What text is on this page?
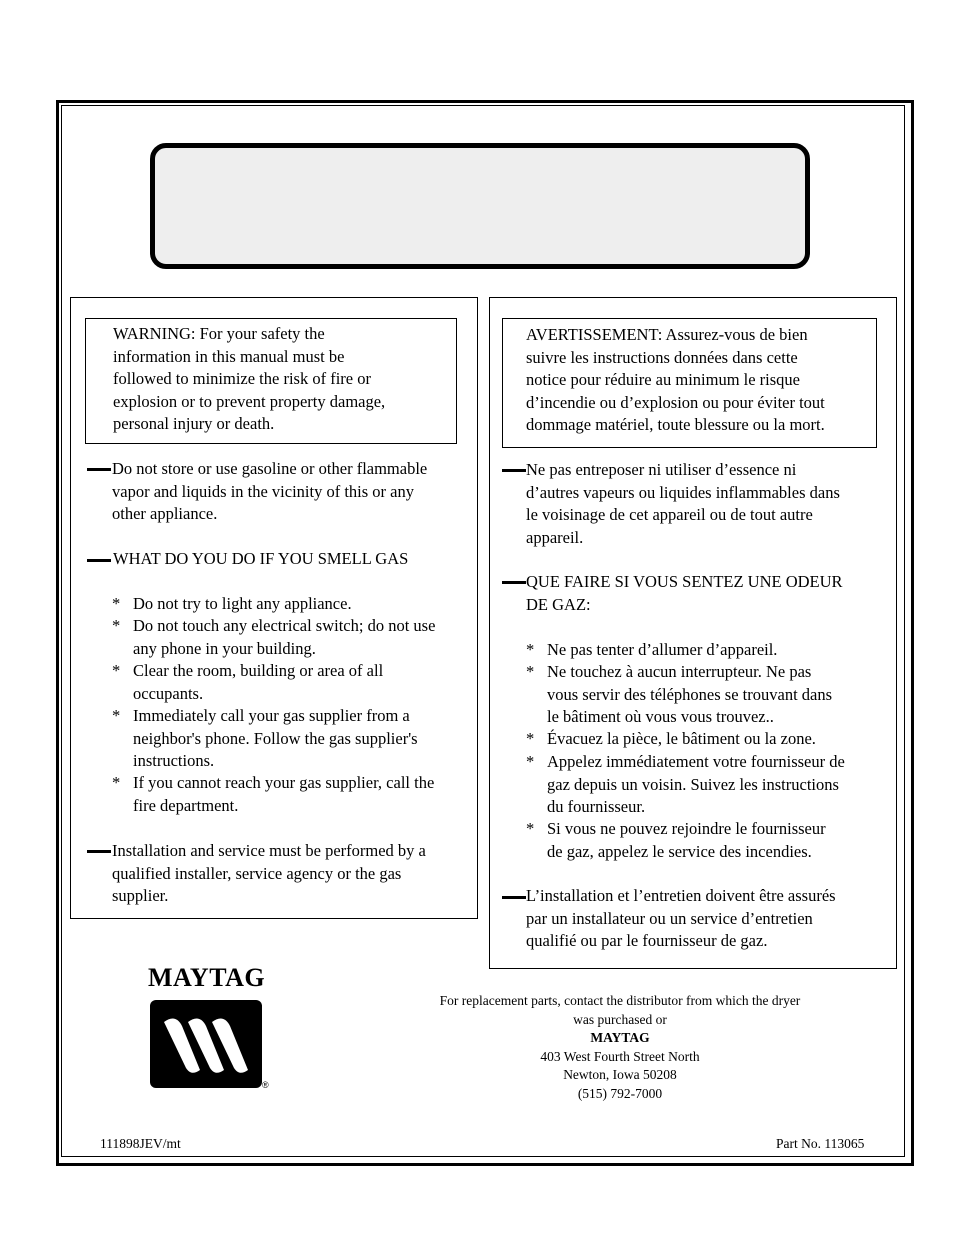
WARNING: For your safety the
information in this manual must be
followed to minimize the risk of fire or
explosion or to prevent property damage,
personal injury or death.
AVERTISSEMENT: Assurez-vous de bien
suivre les instructions données dans cette
notice pour réduire au minimum le risque
d’incendie ou d’explosion ou pour éviter tout
dommage matériel, toute blessure ou la mort.
Do not store or use gasoline or other flammable
vapor and liquids in the vicinity of this or any
other appliance.
WHAT DO YOU DO IF YOU SMELL GAS
* Do not try to light any appliance.
* Do not touch any electrical switch; do not use
any phone in your building.
* Clear the room, building or area of all
occupants.
* Immediately call your gas supplier from a
neighbor's phone. Follow the gas supplier's
instructions.
* If you cannot reach your gas supplier, call the
fire department.
Installation and service must be performed by a
qualified installer, service agency or the gas
supplier.
Ne pas entreposer ni utiliser d’essence ni
d’autres vapeurs ou liquides inflammables dans
le voisinage de cet appareil ou de tout autre
appareil.
QUE FAIRE SI VOUS SENTEZ UNE ODEUR
DE GAZ:
* Ne pas tenter d’allumer d’appareil.
* Ne touchez à aucun interrupteur. Ne pas
vous servir des téléphones se trouvant dans
le bâtiment où vous vous trouvez..
* Évacuez la pièce, le bâtiment ou la zone.
* Appelez immédiatement votre fournisseur de
gaz depuis un voisin. Suivez les instructions
du fournisseur.
* Si vous ne pouvez rejoindre le fournisseur
de gaz, appelez le service des incendies.
L’installation et l’entretien doivent être assurés
par un installateur ou un service d’entretien
qualifié ou par le fournisseur de gaz.
MAYTAG
®
For replacement parts, contact the distributor from which the dryer
was purchased or
MAYTAG
403 West Fourth Street North
Newton, Iowa 50208
(515) 792-7000
111898JEV/mt	Part No. 113065
